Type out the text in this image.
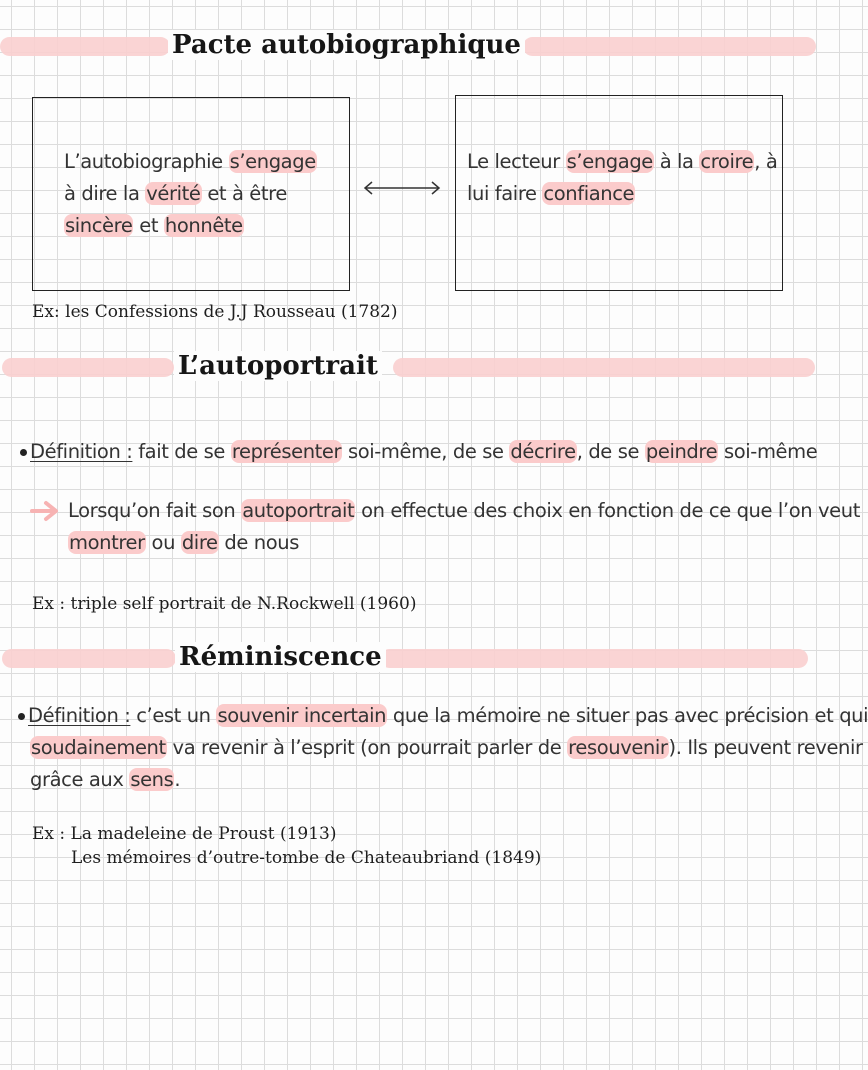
Pacte autobiographique
L’autobiographie s’engage
à dire la vérité et à être
sincère et honnête
Le lecteur s’engage à la croire, à
lui faire confiance
Ex: les Confessions de J.J Rousseau (1782)
L’autoportrait
Définition : fait de se représenter soi-même, de se décrire, de se peindre soi-même
Lorsqu’on fait son autoportrait on effectue des choix en fonction de ce que l’on veut
montrer ou dire de nous
Ex : triple self portrait de N.Rockwell (1960)
Réminiscence
Définition : c’est un souvenir incertain que la mémoire ne situer pas avec précision et qui
soudainement va revenir à l’esprit (on pourrait parler de resouvenir). Ils peuvent revenir
grâce aux sens.
Ex : La madeleine de Proust (1913)
Les mémoires d’outre-tombe de Chateaubriand (1849)
